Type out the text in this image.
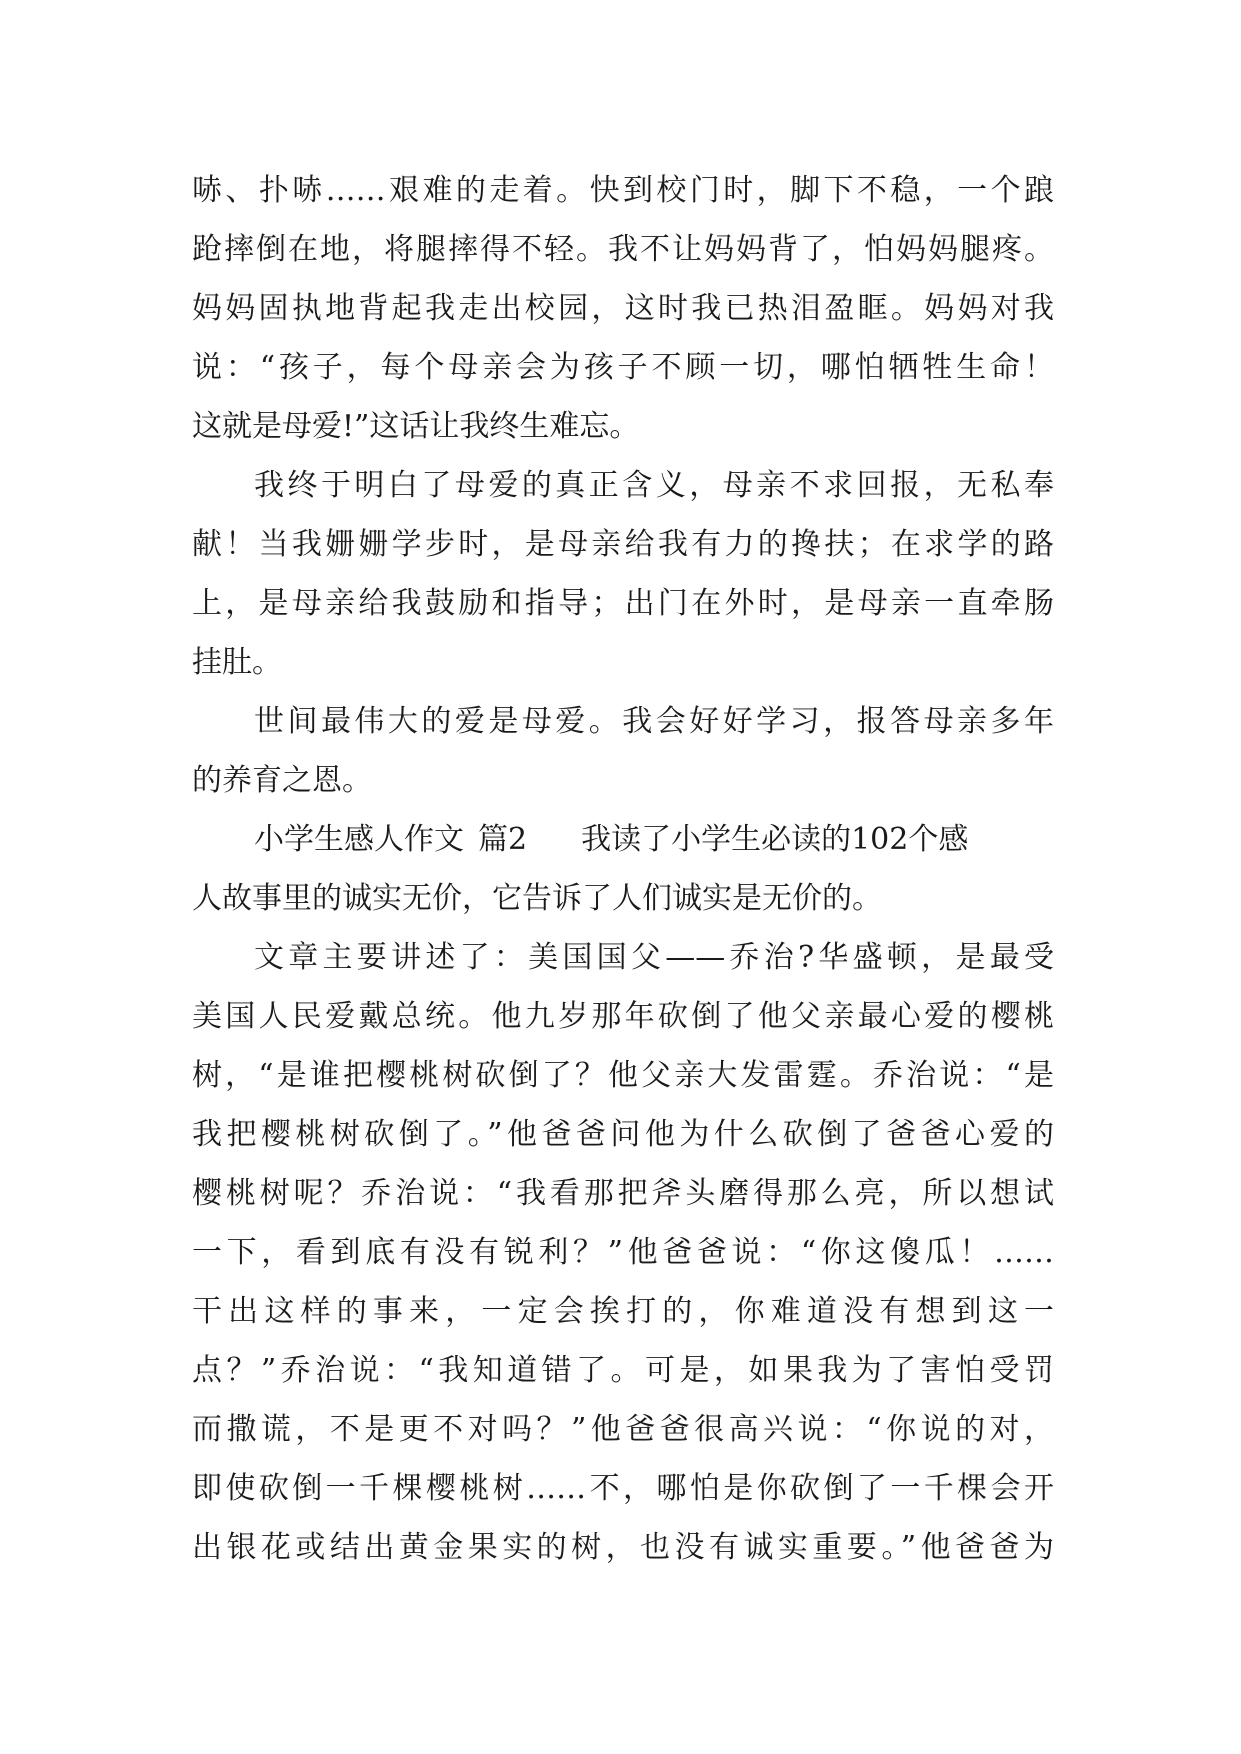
哧、扑哧……艰难的走着。快到校门时，脚下不稳，一个踉
跄摔倒在地，将腿摔得不轻。我不让妈妈背了，怕妈妈腿疼。
妈妈固执地背起我走出校园，这时我已热泪盈眶。妈妈对我
说：“孩子，每个母亲会为孩子不顾一切，哪怕牺牲生命！
这就是母爱!”这话让我终生难忘。
我终于明白了母爱的真正含义，母亲不求回报，无私奉
献！当我姗姗学步时，是母亲给我有力的搀扶；在求学的路
上，是母亲给我鼓励和指导；出门在外时，是母亲一直牵肠
挂肚。
世间最伟大的爱是母爱。我会好好学习，报答母亲多年
的养育之恩。
小学生感人作文 篇2 我读了小学生必读的102个感
人故事里的诚实无价，它告诉了人们诚实是无价的。
文章主要讲述了：美国国父——乔治?华盛顿，是最受
美国人民爱戴总统。他九岁那年砍倒了他父亲最心爱的樱桃
树，“是谁把樱桃树砍倒了？他父亲大发雷霆。乔治说：“是
我把樱桃树砍倒了。”他爸爸问他为什么砍倒了爸爸心爱的
樱桃树呢？乔治说：“我看那把斧头磨得那么亮，所以想试
一下，看到底有没有锐利？”他爸爸说：“你这傻瓜！……
干出这样的事来，一定会挨打的，你难道没有想到这一
点？”乔治说：“我知道错了。可是，如果我为了害怕受罚
而撒谎，不是更不对吗？”他爸爸很高兴说：“你说的对，
即使砍倒一千棵樱桃树……不，哪怕是你砍倒了一千棵会开
出银花或结出黄金果实的树，也没有诚实重要。”他爸爸为
